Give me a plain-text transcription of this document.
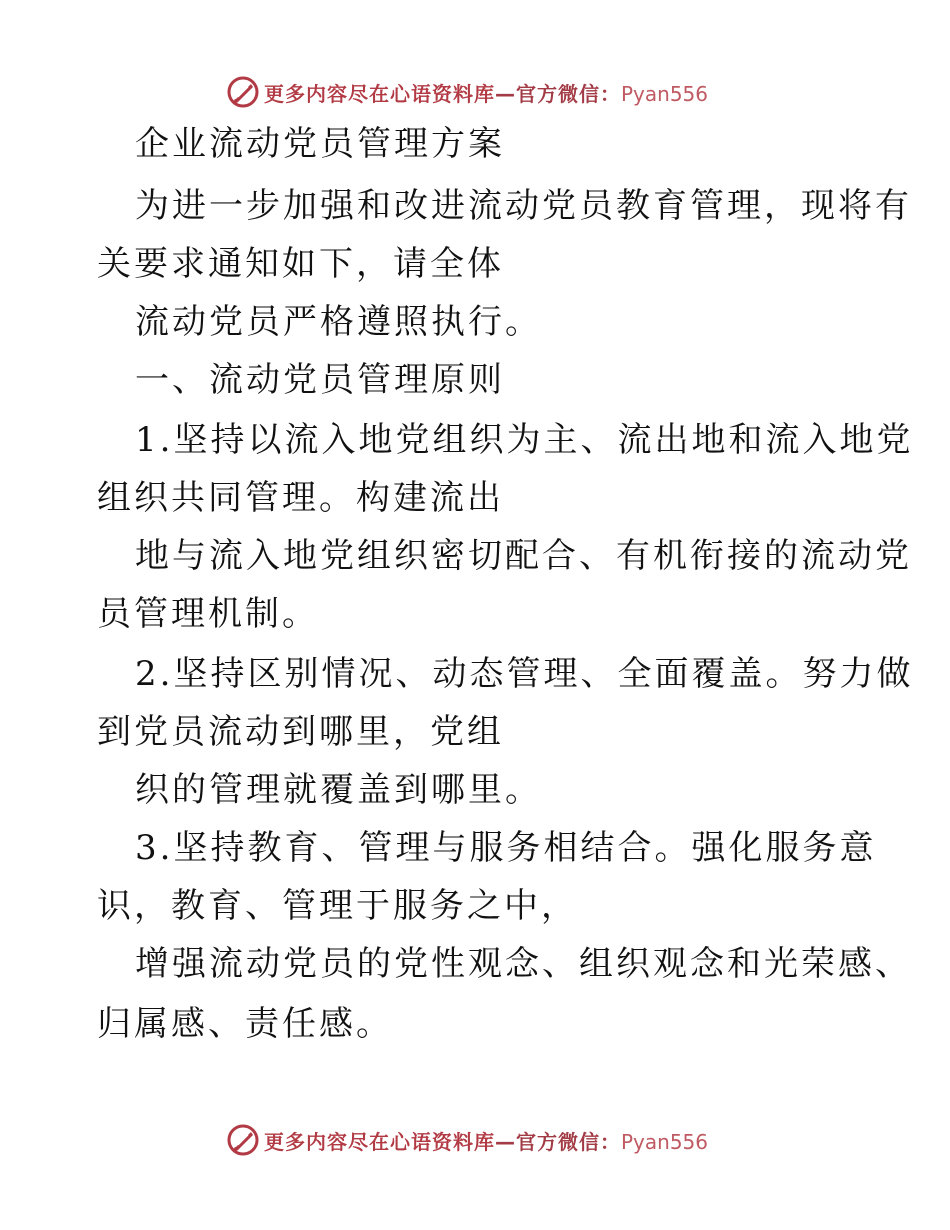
更多内容尽在心语资料库—官方微信：Pyan556
企业流动党员管理方案
为进一步加强和改进流动党员教育管理，现将有
关要求通知如下，请全体
流动党员严格遵照执行。
一、流动党员管理原则
1.坚持以流入地党组织为主、流出地和流入地党
组织共同管理。构建流出
地与流入地党组织密切配合、有机衔接的流动党
员管理机制。
2.坚持区别情况、动态管理、全面覆盖。努力做
到党员流动到哪里，党组
织的管理就覆盖到哪里。
3.坚持教育、管理与服务相结合。强化服务意
识，教育、管理于服务之中，
增强流动党员的党性观念、组织观念和光荣感、
归属感、责任感。
更多内容尽在心语资料库—官方微信：Pyan556
